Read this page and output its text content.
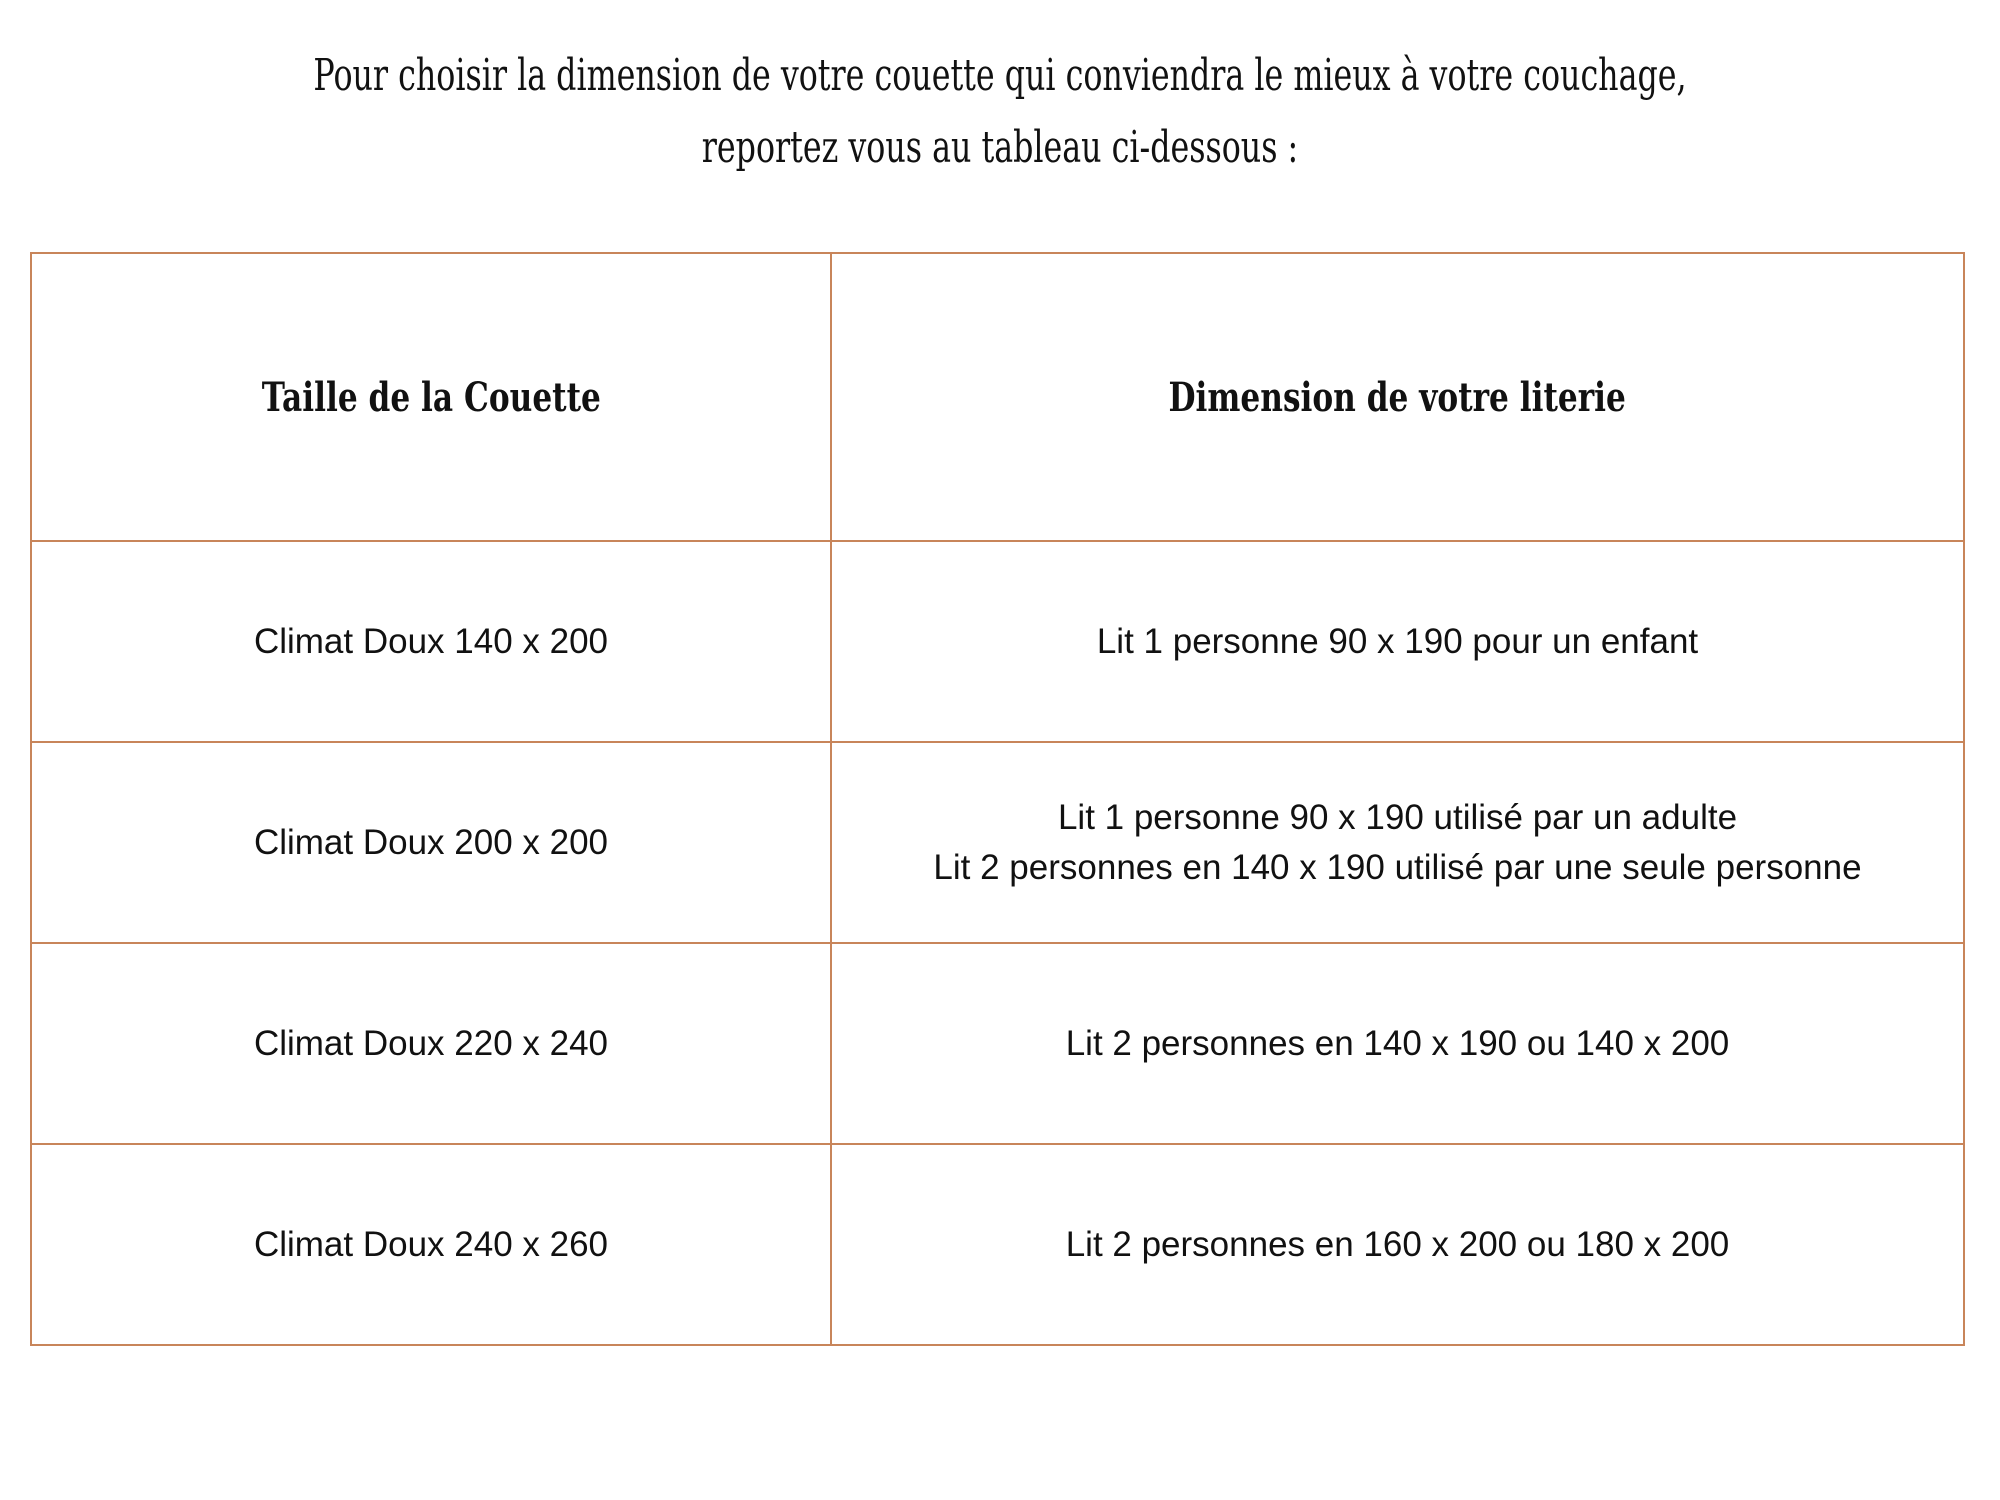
Pour choisir la dimension de votre couette qui conviendra le mieux à votre couchage,
reportez vous au tableau ci-dessous :
Taille de la Couette	Dimension de votre literie
Climat Doux 140 x 200	Lit 1 personne 90 x 190 pour un enfant

Climat Doux 200 x 200	Lit 1 personne 90 x 190 utilisé par un adulte
Lit 2 personnes en 140 x 190 utilisé par une seule personne

Climat Doux 220 x 240	Lit 2 personnes en 140 x 190 ou 140 x 200

Climat Doux 240 x 260	Lit 2 personnes en 160 x 200 ou 180 x 200
